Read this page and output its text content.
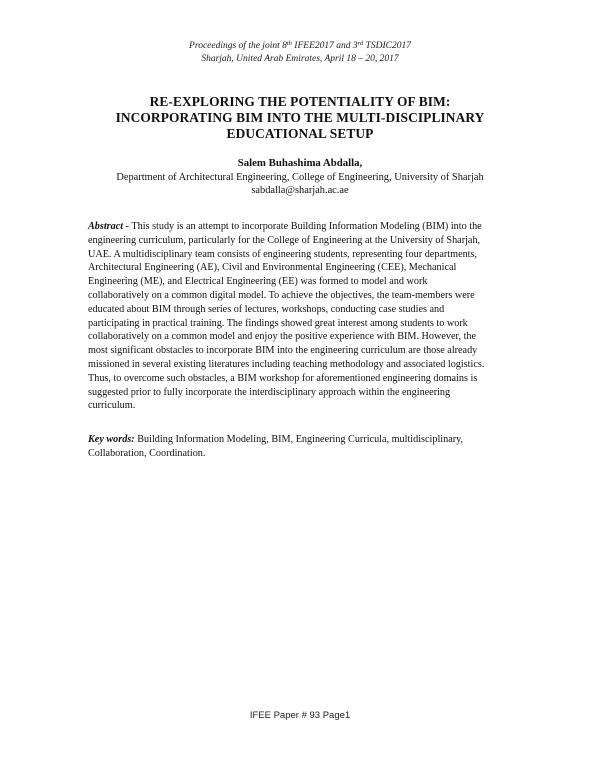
Proceedings of the joint 8th IFEE2017 and 3rd TSDIC2017
Sharjah, United Arab Emirates, April 18 – 20, 2017
RE-EXPLORING THE POTENTIALITY OF BIM:
INCORPORATING BIM INTO THE MULTI-DISCIPLINARY
EDUCATIONAL SETUP
Salem Buhashima Abdalla,
Department of Architectural Engineering, College of Engineering, University of Sharjah
sabdalla@sharjah.ac.ae
Abstract - This study is an attempt to incorporate Building Information Modeling (BIM) into the
engineering curriculum, particularly for the College of Engineering at the University of Sharjah,
UAE. A multidisciplinary team consists of engineering students, representing four departments,
Architectural Engineering (AE), Civil and Environmental Engineering (CEE), Mechanical
Engineering (ME), and Electrical Engineering (EE) was formed to model and work
collaboratively on a common digital model. To achieve the objectives, the team-members were
educated about BIM through series of lectures, workshops, conducting case studies and
participating in practical training. The findings showed great interest among students to work
collaboratively on a common model and enjoy the positive experience with BIM. However, the
most significant obstacles to incorporate BIM into the engineering curriculum are those already
missioned in several existing literatures including teaching methodology and associated logistics.
Thus, to overcome such obstacles, a BIM workshop for aforementioned engineering domains is
suggested prior to fully incorporate the interdisciplinary approach within the engineering
curriculum.
Key words: Building Information Modeling, BIM, Engineering Curricula, multidisciplinary,
Collaboration, Coordination.
IFEE Paper # 93 Page1
